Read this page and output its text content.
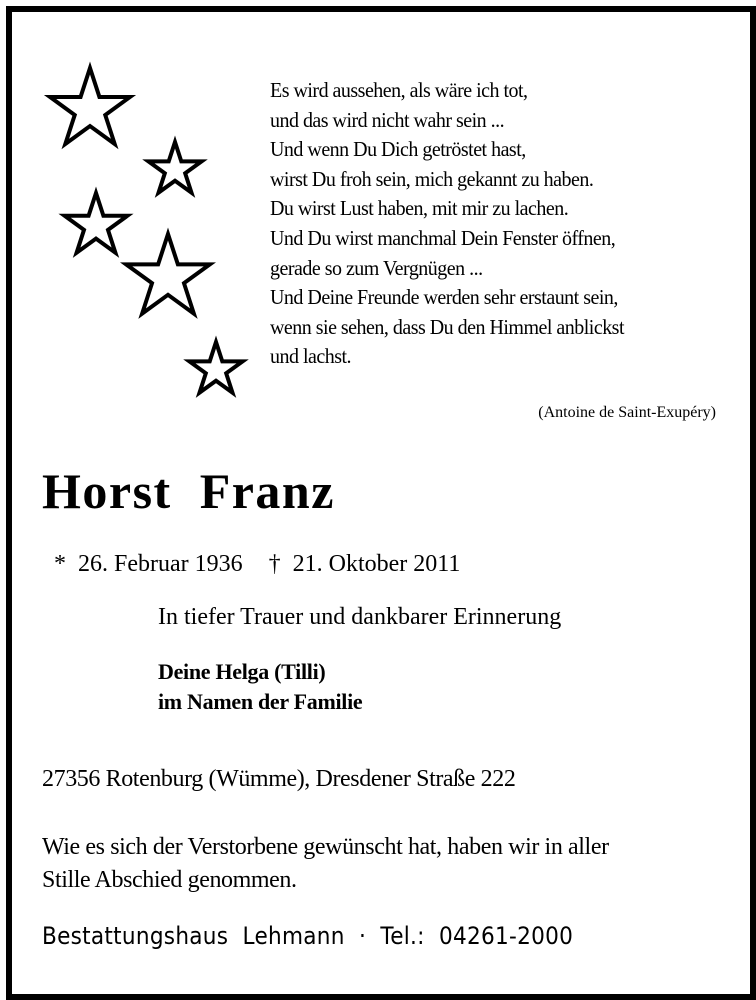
Es wird aussehen, als wäre ich tot,
und das wird nicht wahr sein ...
Und wenn Du Dich getröstet hast,
wirst Du froh sein, mich gekannt zu haben.
Du wirst Lust haben, mit mir zu lachen.
Und Du wirst manchmal Dein Fenster öffnen,
gerade so zum Vergnügen ...
Und Deine Freunde werden sehr erstaunt sein,
wenn sie sehen, dass Du den Himmel anblickst
und lachst.
(Antoine de Saint-Exupéry)
Horst  Franz

*  26. Februar 1936 †  21. Oktober 2011

In tiefer Trauer und dankbarer Erinnerung
Deine Helga (Tilli)
im Namen der Familie
27356 Rotenburg (Wümme), Dresdener Straße 222
Wie es sich der Verstorbene gewünscht hat, haben wir in aller
Stille Abschied genommen.
Bestattungshaus  Lehmann  ·  Tel.:  04261-2000
